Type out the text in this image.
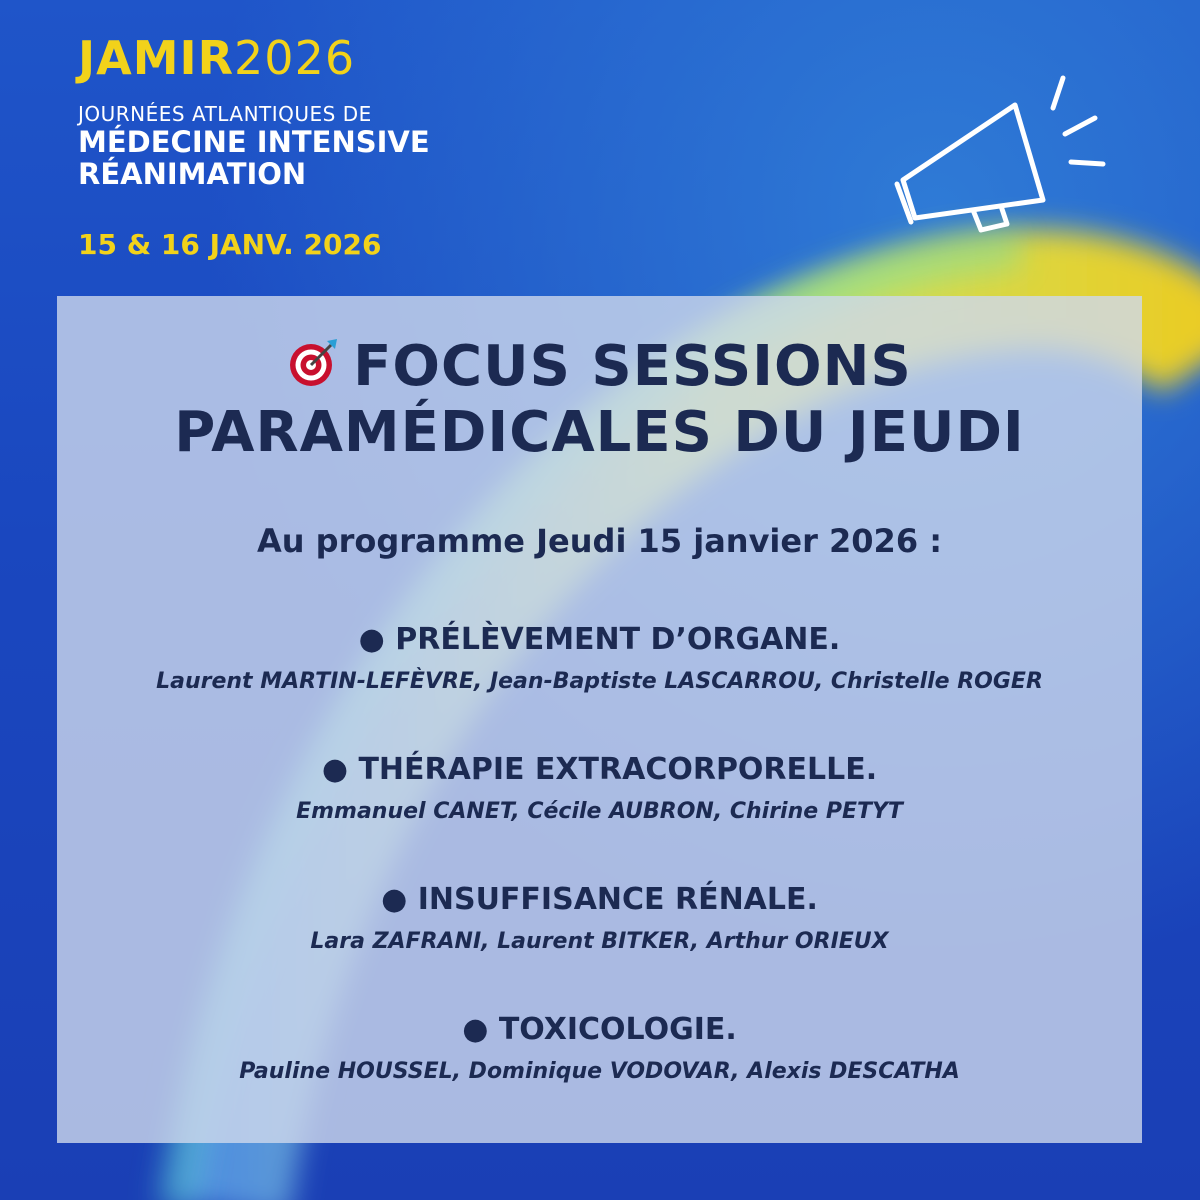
JAMIR2026
JOURNÉES ATLANTIQUES DE
MÉDECINE INTENSIVE
RÉANIMATION
15 & 16 JANV. 2026
FOCUS SESSIONS
PARAMÉDICALES DU JEUDI
Au programme Jeudi 15 janvier 2026 :
● PRÉLÈVEMENT D’ORGANE.
Laurent MARTIN-LEFÈVRE, Jean-Baptiste LASCARROU, Christelle ROGER
● THÉRAPIE EXTRACORPORELLE.
Emmanuel CANET, Cécile AUBRON, Chirine PETYT
● INSUFFISANCE RÉNALE.
Lara ZAFRANI, Laurent BITKER, Arthur ORIEUX
● TOXICOLOGIE.
Pauline HOUSSEL, Dominique VODOVAR, Alexis DESCATHA
